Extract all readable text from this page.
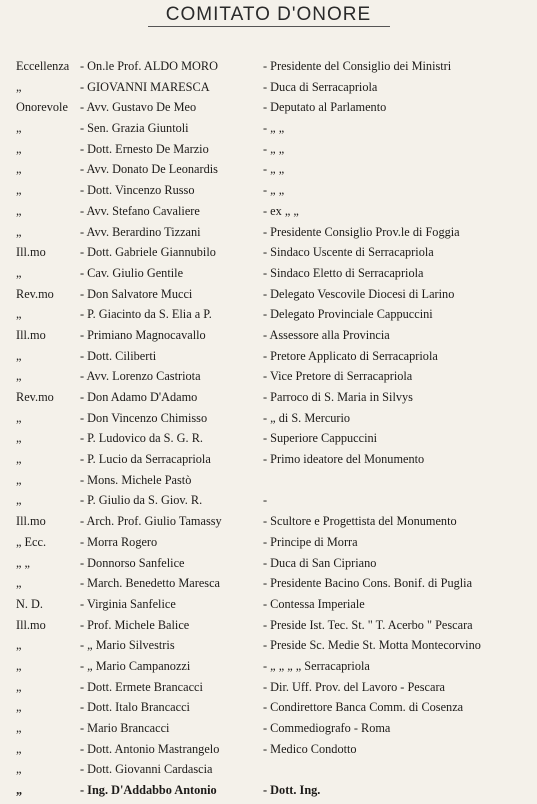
COMITATO D'ONORE
Eccellenza - On.le Prof. ALDO MORO	- Presidente del Consiglio dei Ministri
„	- GIOVANNI MARESCA	- Duca di Serracapriola
Onorevole - Avv. Gustavo De Meo	- Deputato al Parlamento
„	- Sen. Grazia Giuntoli	- „ „
„	- Dott. Ernesto De Marzio	- „ „
„	- Avv. Donato De Leonardis	- „ „
„	- Dott. Vincenzo Russo	- „ „
„	- Avv. Stefano Cavaliere	- ex „ „
„	- Avv. Berardino Tizzani	- Presidente Consiglio Prov.le di Foggia
Ill.mo	- Dott. Gabriele Giannubilo	- Sindaco Uscente di Serracapriola
„	- Cav. Giulio Gentile	- Sindaco Eletto di Serracapriola
Rev.mo - Don Salvatore Mucci	- Delegato Vescovile Diocesi di Larino
„	- P. Giacinto da S. Elia a P.	- Delegato Provinciale Cappuccini
Ill.mo	- Primiano Magnocavallo	- Assessore alla Provincia
„	- Dott. Ciliberti	- Pretore Applicato di Serracapriola
„	- Avv. Lorenzo Castriota	- Vice Pretore di Serracapriola
Rev.mo - Don Adamo D'Adamo	- Parroco di S. Maria in Silvys
„	- Don Vincenzo Chimisso	- „ di S. Mercurio
„	- P. Ludovico da S. G. R.	- Superiore Cappuccini
„	- P. Lucio da Serracapriola	- Primo ideatore del Monumento
„	- Mons. Michele Pastò
„	- P. Giulio da S. Giov. R.	-
Ill.mo	- Arch. Prof. Giulio Tamassy	- Scultore e Progettista del Monumento
„ Ecc.	- Morra Rogero	- Principe di Morra
„ „	- Donnorso Sanfelice	- Duca di San Cipriano
„	- March. Benedetto Maresca	- Presidente Bacino Cons. Bonif. di Puglia
N. D.	- Virginia Sanfelice	- Contessa Imperiale
Ill.mo	- Prof. Michele Balice	- Preside Ist. Tec. St. " T. Acerbo " Pescara
„	- „ Mario Silvestris	- Preside Sc. Medie St. Motta Montecorvino
„	- „ Mario Campanozzi	- „ „ „ „ Serracapriola
„	- Dott. Ermete Brancacci	- Dir. Uff. Prov. del Lavoro - Pescara
„	- Dott. Italo Brancacci	- Condirettore Banca Comm. di Cosenza
„	- Mario Brancacci	- Commediografo - Roma
„	- Dott. Antonio Mastrangelo	- Medico Condotto
„	- Dott. Giovanni Cardascia
„	- Ing. D'Addabbo Antonio	- Dott. Ing.
